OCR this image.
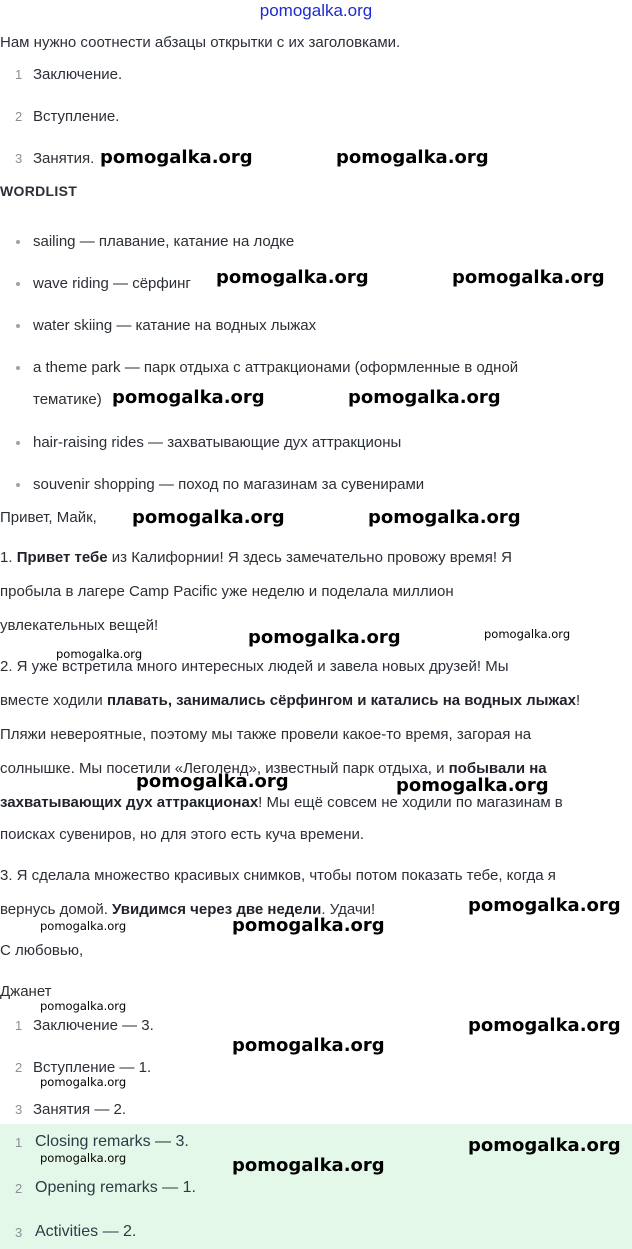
pomogalka.org
Нам нужно соотнести абзацы открытки с их заголовками.
1 Заключение.
2 Вступление.
3 Занятия.
WORDLIST
sailing — плавание, катание на лодке
wave riding — сёрфинг
water skiing — катание на водных лыжах
a theme park — парк отдыха с аттракционами (оформленные в одной
тематике)
hair-raising rides — захватывающие дух аттракционы
souvenir shopping — поход по магазинам за сувенирами
Привет, Майк,
1. Привет тебе из Калифорнии! Я здесь замечательно провожу время! Я
пробыла в лагере Camp Pacific уже неделю и поделала миллион
увлекательных вещей!
2. Я уже встретила много интересных людей и завела новых друзей! Мы
вместе ходили плавать, занимались сёрфингом и катались на водных лыжах!
Пляжи невероятные, поэтому мы также провели какое-то время, загорая на
солнышке. Мы посетили «Леголенд», известный парк отдыха, и побывали на
захватывающих дух аттракционах! Мы ещё совсем не ходили по магазинам в
поисках сувениров, но для этого есть куча времени.
3. Я сделала множество красивых снимков, чтобы потом показать тебе, когда я
вернусь домой. Увидимся через две недели. Удачи!
С любовью,
Джанет
1 Заключение — 3.
2 Вступление — 1.
3 Занятия — 2.
1 Closing remarks — 3.
2 Opening remarks — 1.
3 Activities — 2.
pomogalka.org	pomogalka.org
pomogalka.org	pomogalka.org
pomogalka.org	pomogalka.org
pomogalka.org	pomogalka.org
pomogalka.org	pomogalka.org
pomogalka.org
pomogalka.org	pomogalka.org
pomogalka.org
pomogalka.org	pomogalka.org
pomogalka.org
pomogalka.org
pomogalka.org
pomogalka.org
pomogalka.org
pomogalka.org	pomogalka.org
